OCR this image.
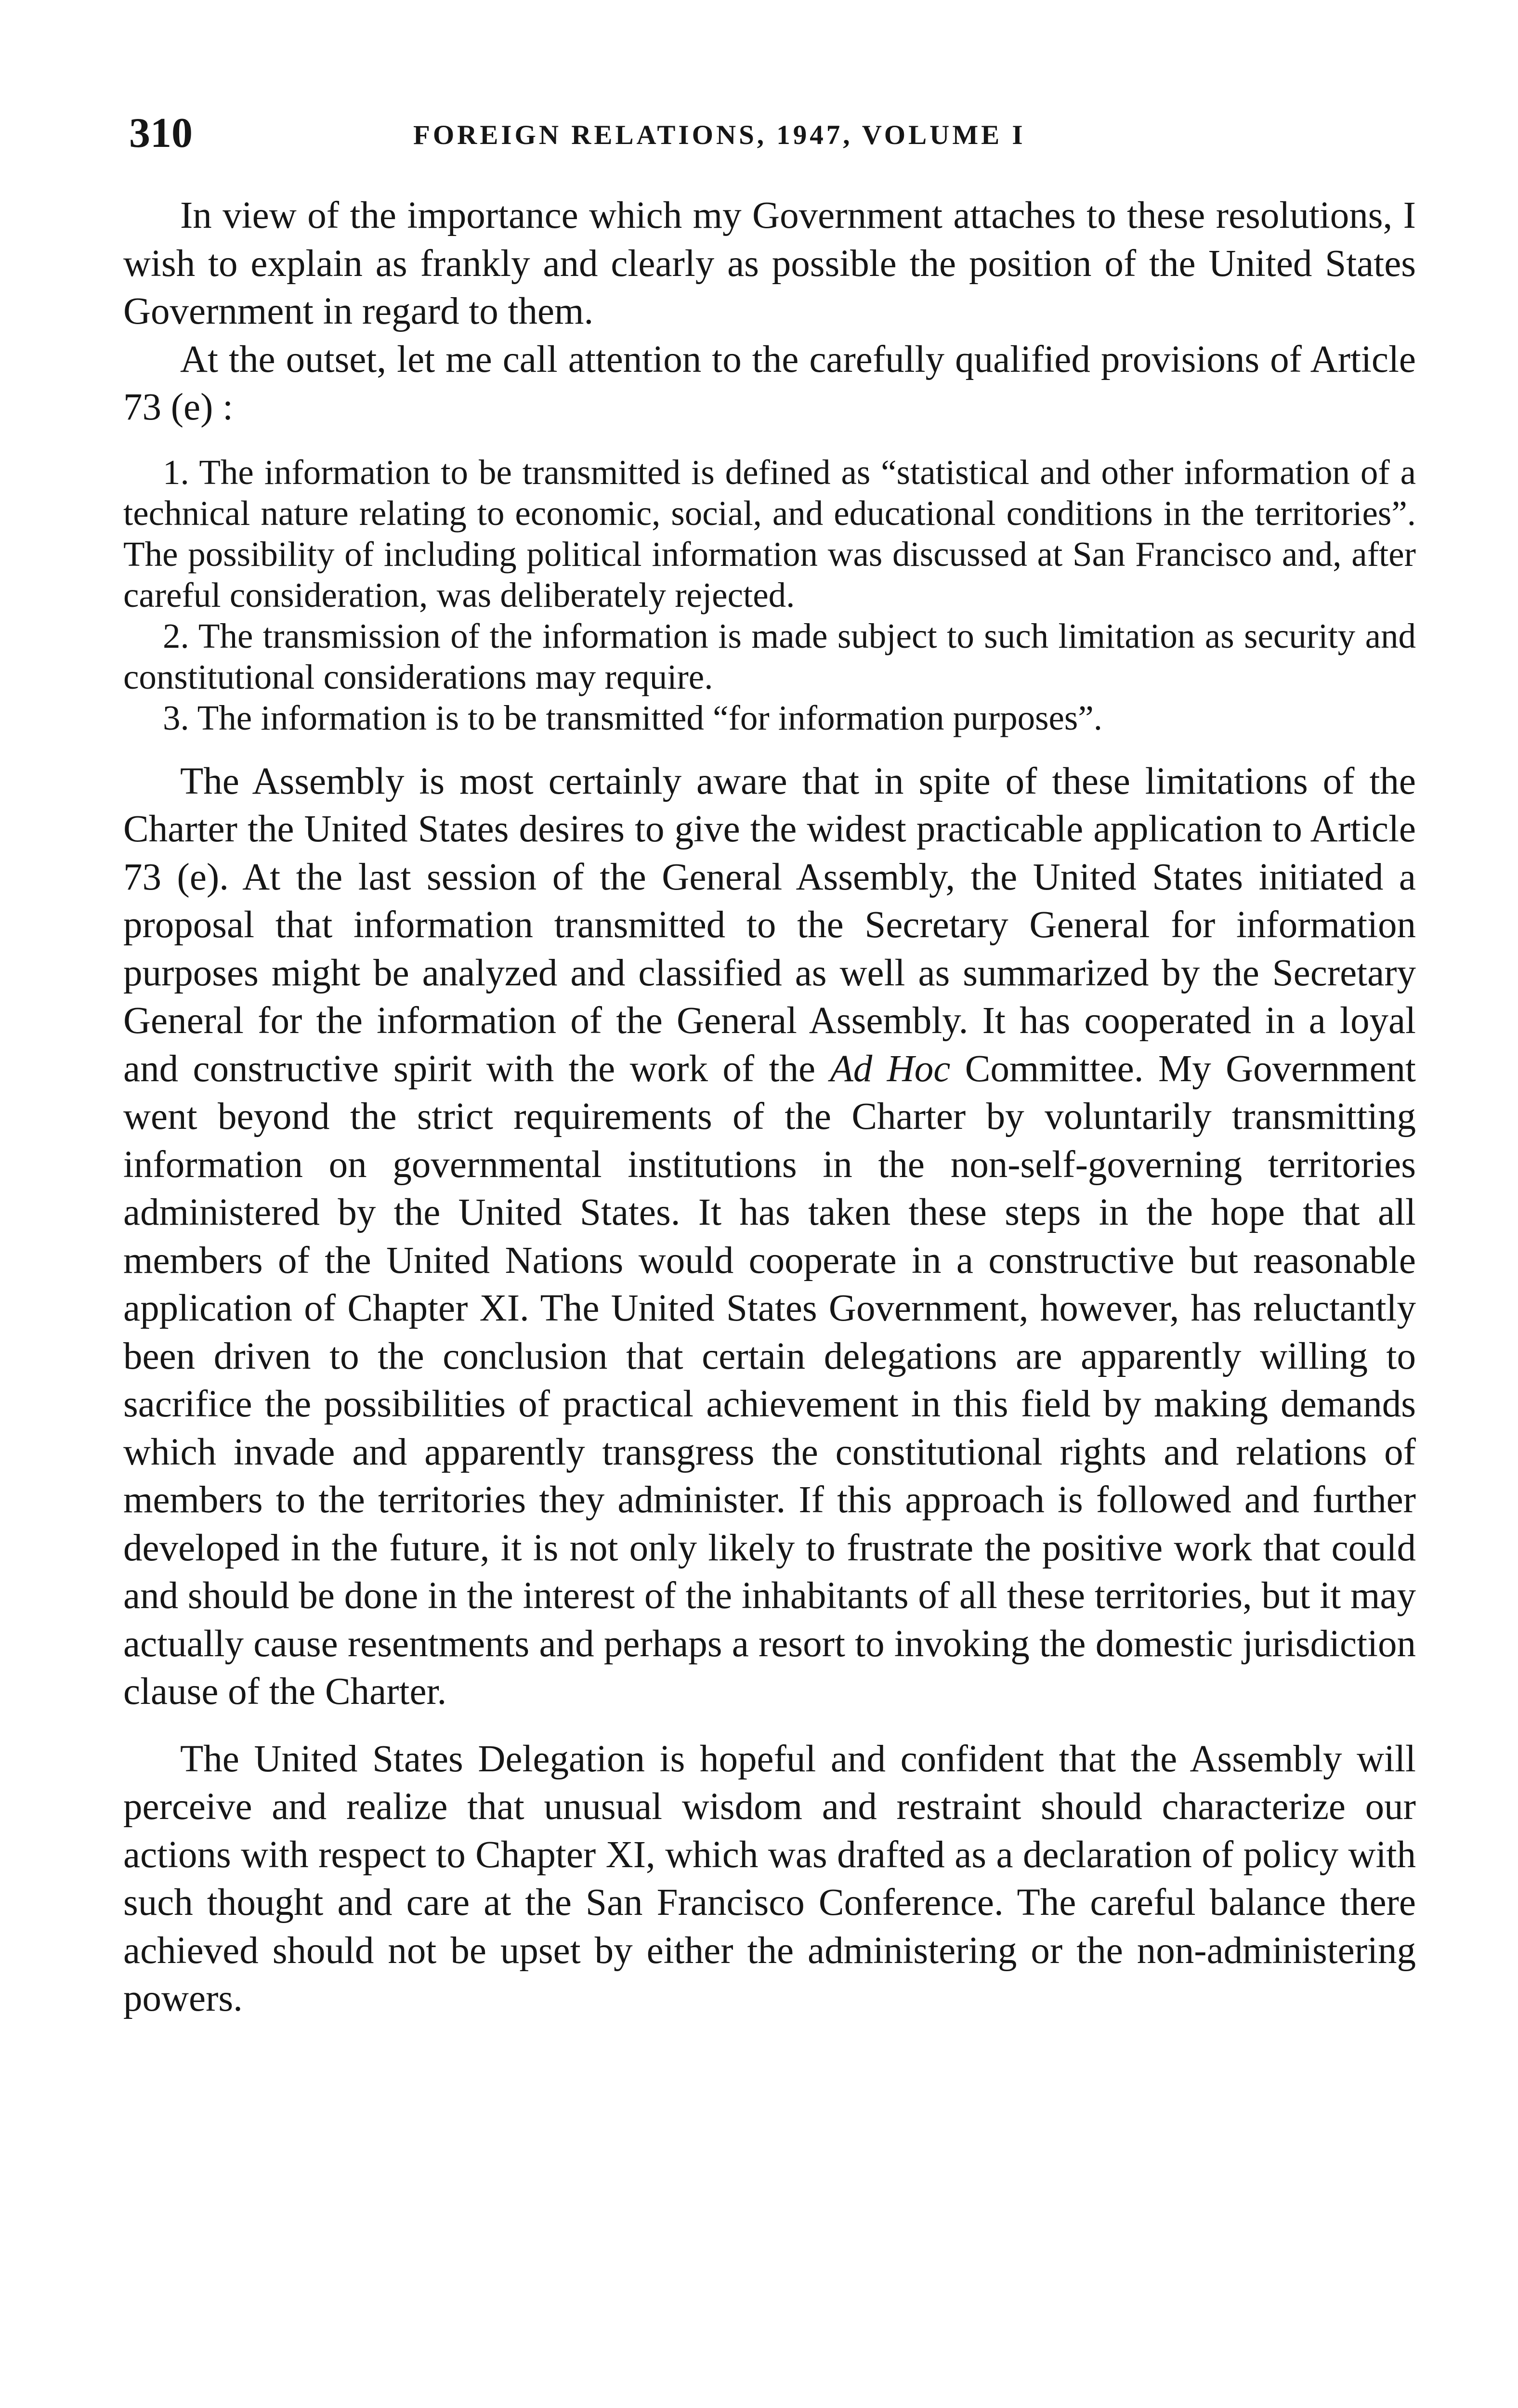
310	FOREIGN RELATIONS, 1947, VOLUME I

In view of the importance which my Government attaches to these resolutions, I wish to explain as frankly and clearly as possible the position of the United States Government in regard to them.

At the outset, let me call attention to the carefully qualified provisions of Article 73 (e) :

1. The information to be transmitted is defined as “statistical and other information of a technical nature relating to economic, social, and educational conditions in the territories”. The possibility of including political information was discussed at San Francisco and, after careful consideration, was deliberately rejected.
2. The transmission of the information is made subject to such limitation as security and constitutional considerations may require.
3. The information is to be transmitted “for information purposes”.

The Assembly is most certainly aware that in spite of these limitations of the Charter the United States desires to give the widest practicable application to Article 73 (e). At the last session of the General Assembly, the United States initiated a proposal that information transmitted to the Secretary General for information purposes might be analyzed and classified as well as summarized by the Secretary General for the information of the General Assembly. It has cooperated in a loyal and constructive spirit with the work of the Ad Hoc Committee. My Government went beyond the strict requirements of the Charter by voluntarily transmitting information on governmental institutions in the non-self-governing territories administered by the United States. It has taken these steps in the hope that all members of the United Nations would cooperate in a constructive but reasonable application of Chapter XI. The United States Government, however, has reluctantly been driven to the conclusion that certain delegations are apparently willing to sacrifice the possibilities of practical achievement in this field by making demands which invade and apparently transgress the constitutional rights and relations of members to the territories they administer. If this approach is followed and further developed in the future, it is not only likely to frustrate the positive work that could and should be done in the interest of the inhabitants of all these territories, but it may actually cause resentments and perhaps a resort to invoking the domestic jurisdiction clause of the Charter.

The United States Delegation is hopeful and confident that the Assembly will perceive and realize that unusual wisdom and restraint should characterize our actions with respect to Chapter XI, which was drafted as a declaration of policy with such thought and care at the San Francisco Conference. The careful balance there achieved should not be upset by either the administering or the non-administering powers.
